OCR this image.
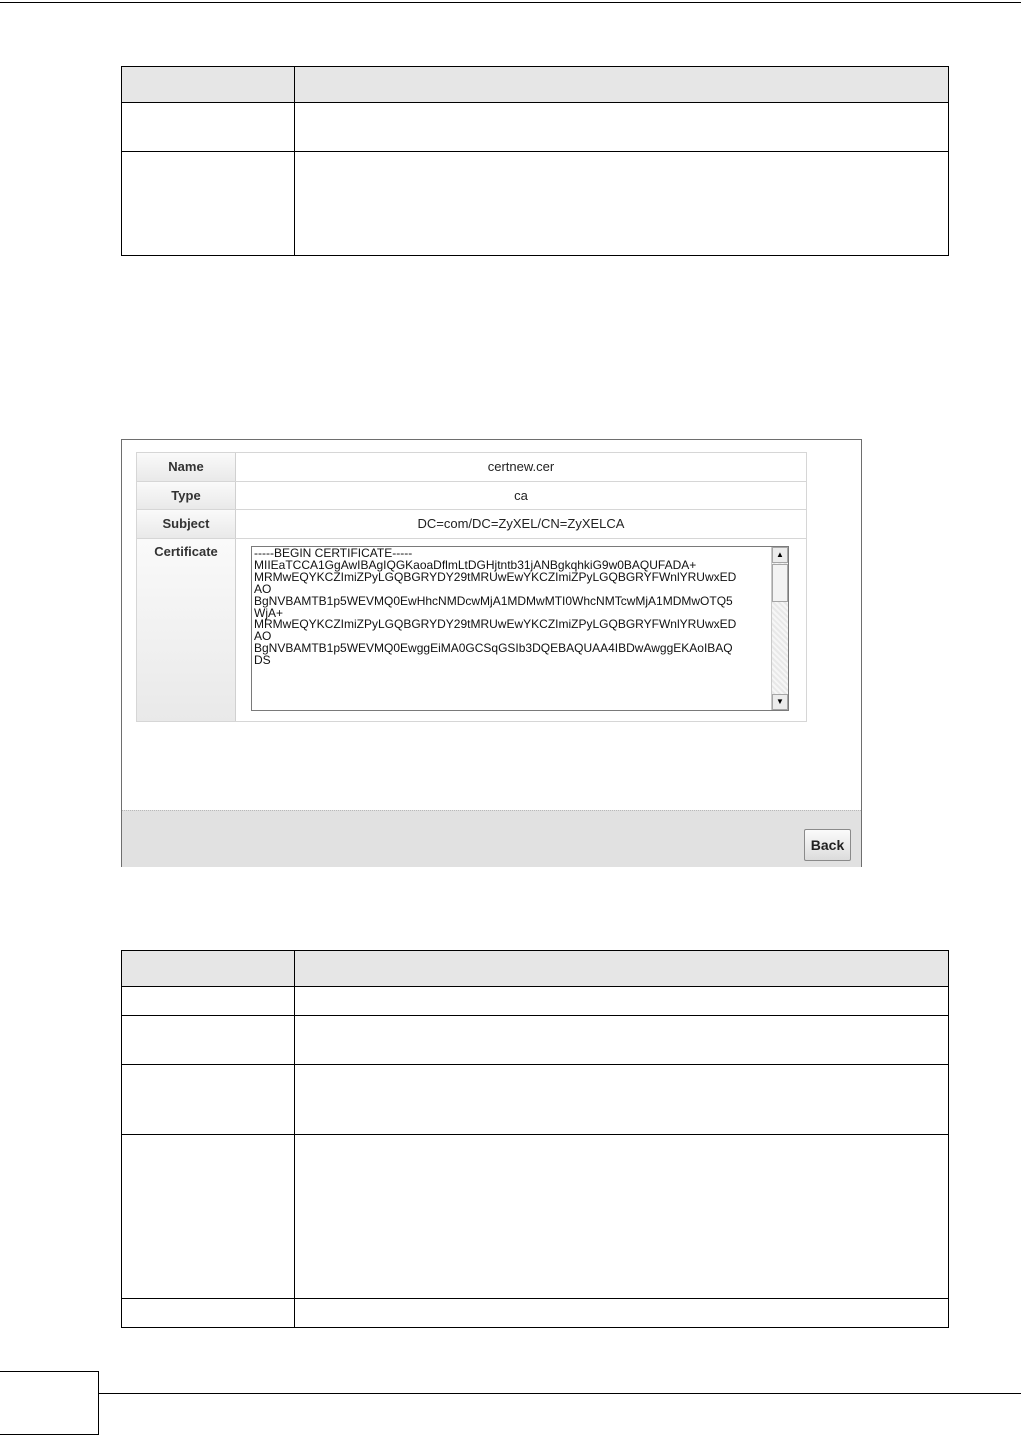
Name	certnew.cer
Type	ca
Subject	DC=com/DC=ZyXEL/CN=ZyXELCA
Certificate	-----BEGIN CERTIFICATE-----
MIIEaTCCA1GgAwIBAgIQGKaoaDflmLtDGHjtntb31jANBgkqhkiG9w0BAQUFADA+
MRMwEQYKCZImiZPyLGQBGRYDY29tMRUwEwYKCZImiZPyLGQBGRYFWnlYRUwxED
AO
BgNVBAMTB1p5WEVMQ0EwHhcNMDcwMjA1MDMwMTI0WhcNMTcwMjA1MDMwOTQ5
WjA+
MRMwEQYKCZImiZPyLGQBGRYDY29tMRUwEwYKCZImiZPyLGQBGRYFWnlYRUwxED
AO
BgNVBAMTB1p5WEVMQ0EwggEiMA0GCSqGSIb3DQEBAQUAA4IBDwAwggEKAoIBAQ
DS
▲
▼
Back
